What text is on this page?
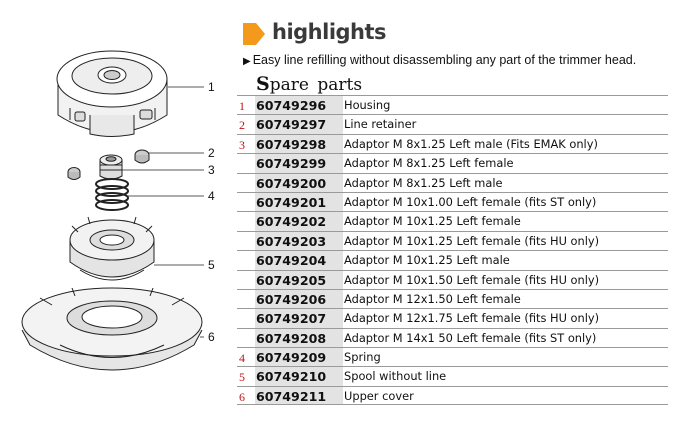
1
2
3
4
5
6
highlights
▶ Easy line refilling without disassembling any part of the trimmer head.
Spare parts
1 60749296	Housing
2 60749297	Line retainer
3 60749298	Adaptor M 8x1.25 Left male (Fits EMAK only)
60749299	Adaptor M 8x1.25 Left female
60749200	Adaptor M 8x1.25 Left male
60749201	Adaptor M 10x1.00 Left female (fits ST only)
60749202	Adaptor M 10x1.25 Left female
60749203	Adaptor M 10x1.25 Left female (fits HU only)
60749204	Adaptor M 10x1.25 Left male
60749205	Adaptor M 10x1.50 Left female (fits HU only)
60749206	Adaptor M 12x1.50 Left female
60749207	Adaptor M 12x1.75 Left female (fits HU only)
60749208	Adaptor M 14x1 50 Left female (fits ST only)
4 60749209	Spring
5 60749210	Spool without line
6 60749211	Upper cover
